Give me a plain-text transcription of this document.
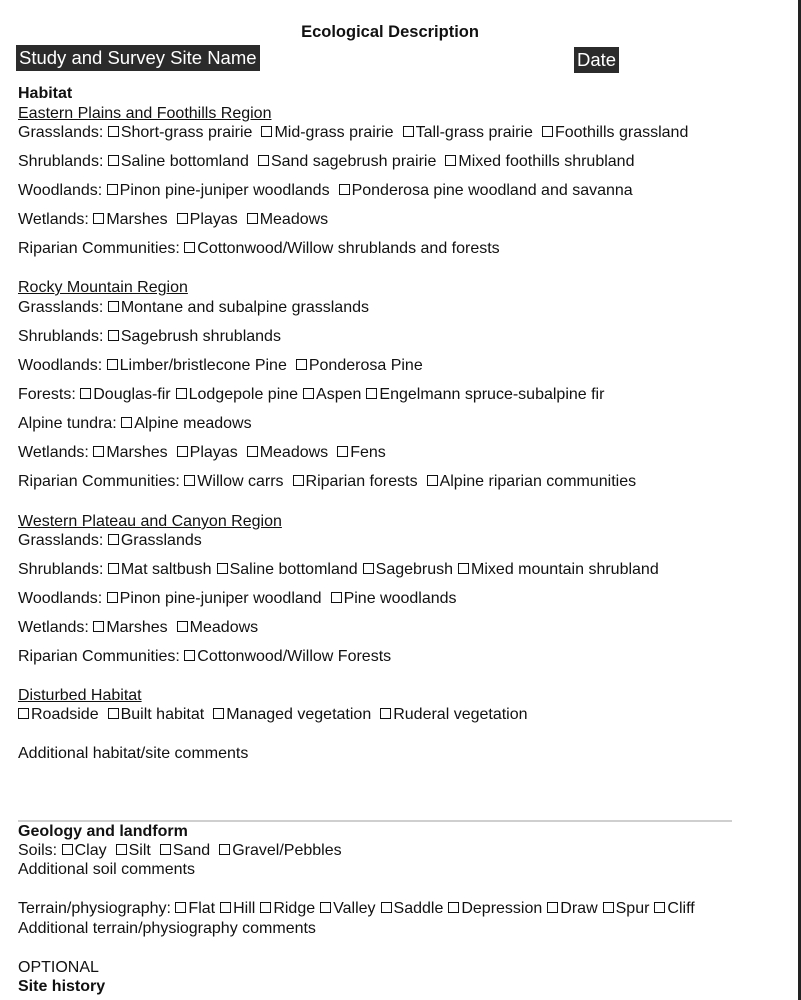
Ecological Description
Study and Survey Site Name	Date
Habitat
Eastern Plains and Foothills Region
Grasslands: Short-grass prairie Mid-grass prairie Tall-grass prairie Foothills grassland
Shrublands: Saline bottomland Sand sagebrush prairie Mixed foothills shrubland
Woodlands: Pinon pine-juniper woodlands Ponderosa pine woodland and savanna
Wetlands: Marshes Playas Meadows
Riparian Communities: Cottonwood/Willow shrublands and forests
Rocky Mountain Region
Grasslands: Montane and subalpine grasslands
Shrublands: Sagebrush shrublands
Woodlands: Limber/bristlecone Pine Ponderosa Pine
Forests: Douglas-fir Lodgepole pine Aspen Engelmann spruce-subalpine fir
Alpine tundra: Alpine meadows
Wetlands: Marshes Playas Meadows Fens
Riparian Communities: Willow carrs Riparian forests Alpine riparian communities
Western Plateau and Canyon Region
Grasslands: Grasslands
Shrublands: Mat saltbush Saline bottomland Sagebrush Mixed mountain shrubland
Woodlands: Pinon pine-juniper woodland Pine woodlands
Wetlands: Marshes Meadows
Riparian Communities: Cottonwood/Willow Forests
Disturbed Habitat
Roadside Built habitat Managed vegetation Ruderal vegetation
Additional habitat/site comments
Geology and landform
Soils: Clay Silt Sand Gravel/Pebbles
Additional soil comments
Terrain/physiography: Flat Hill Ridge Valley Saddle Depression Draw Spur Cliff
Additional terrain/physiography comments
OPTIONAL
Site history
